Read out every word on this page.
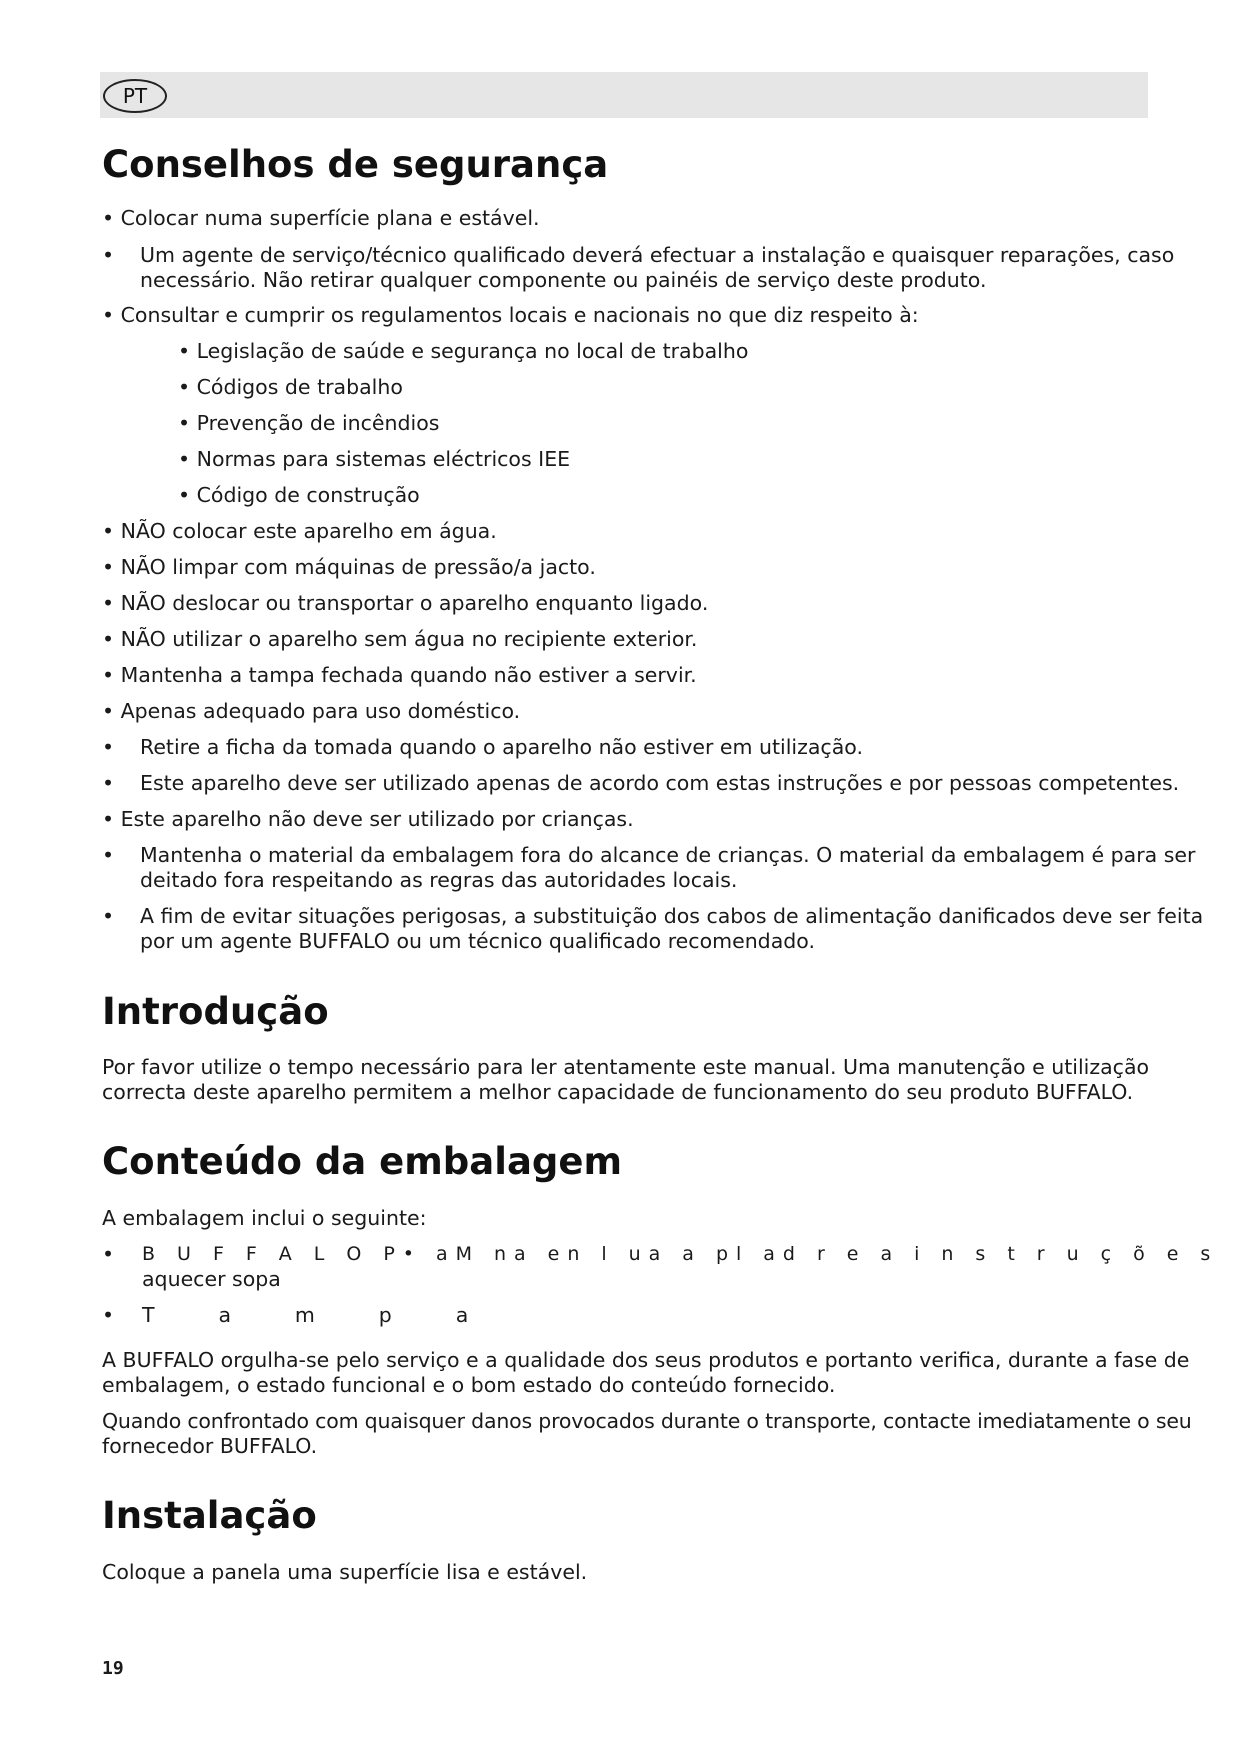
PT
Conselhos de segurança

• Colocar numa superfície plana e estável.

• Um agente de serviço/técnico qualificado deverá efectuar a instalação e quaisquer reparações, caso

necessário. Não retirar qualquer componente ou painéis de serviço deste produto.

• Consultar e cumprir os regulamentos locais e nacionais no que diz respeito à:

• Legislação de saúde e segurança no local de trabalho

• Códigos de trabalho

• Prevenção de incêndios

• Normas para sistemas eléctricos IEE

• Código de construção

• NÃO colocar este aparelho em água.

• NÃO limpar com máquinas de pressão/a jacto.

• NÃO deslocar ou transportar o aparelho enquanto ligado.

• NÃO utilizar o aparelho sem água no recipiente exterior.

• Mantenha a tampa fechada quando não estiver a servir.

• Apenas adequado para uso doméstico.

• Retire a ficha da tomada quando o aparelho não estiver em utilização.

• Este aparelho deve ser utilizado apenas de acordo com estas instruções e por pessoas competentes.

• Este aparelho não deve ser utilizado por crianças.

• Mantenha o material da embalagem fora do alcance de crianças. O material da embalagem é para ser

deitado fora respeitando as regras das autoridades locais.

• A fim de evitar situações perigosas, a substituição dos cabos de alimentação danificados deve ser feita

por um agente BUFFALO ou um técnico qualificado recomendado.

Introdução

Por favor utilize o tempo necessário para ler atentamente este manual. Uma manutenção e utilização

correcta deste aparelho permitem a melhor capacidade de funcionamento do seu produto BUFFALO.

Conteúdo da embalagem

A embalagem inclui o seguinte:

• B U F F A L O P• aM na en l ua a pl ad r e a i n s t r u ç õ e s

aquecer sopa

• T a m p a

A BUFFALO orgulha-se pelo serviço e a qualidade dos seus produtos e portanto verifica, durante a fase de

embalagem, o estado funcional e o bom estado do conteúdo fornecido.

Quando confrontado com quaisquer danos provocados durante o transporte, contacte imediatamente o seu

fornecedor BUFFALO.

Instalação

Coloque a panela uma superfície lisa e estável.

19
